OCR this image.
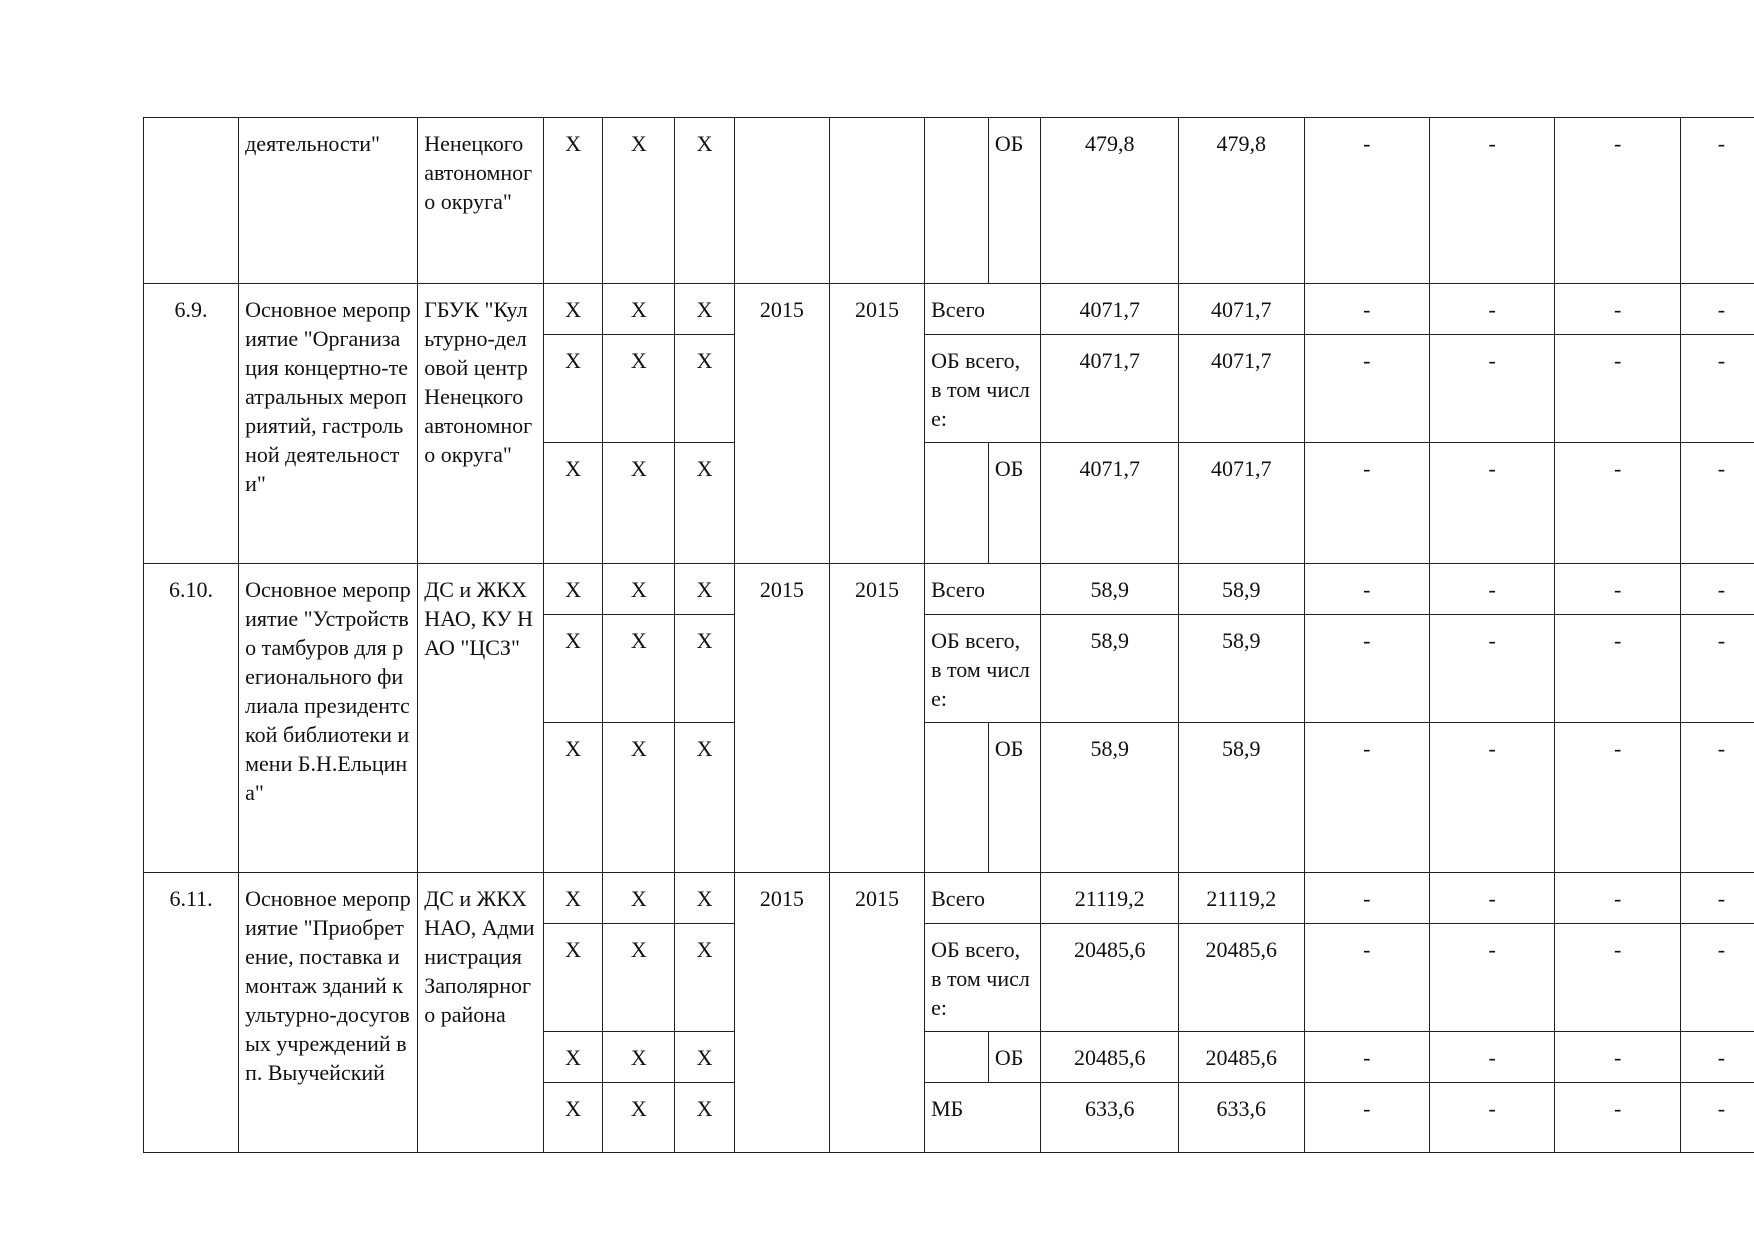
	деятельности"	Ненецкого автономного округа"	X	X	X				ОБ	479,8	479,8	-	-	-	-
6.9.	Основное мероприятие "Организация концертно-театральных мероприятий, гастрольной деятельности"	ГБУК "Культурно-деловой центр Ненецкого автономного округа"	X	X	X	2015	2015	Всего		4071,7	4071,7	-	-	-	-
			X	X	X			ОБ всего, в том числе:		4071,7	4071,7	-	-	-	-
			X	X	X				ОБ	4071,7	4071,7	-	-	-	-
6.10.	Основное мероприятие "Устройство тамбуров для регионального филиала президентской библиотеки имени Б.Н.Ельцина"	ДС и ЖКХ НАО, КУ НАО "ЦСЗ"	X	X	X	2015	2015	Всего		58,9	58,9	-	-	-	-
			X	X	X			ОБ всего, в том числе:		58,9	58,9	-	-	-	-
			X	X	X				ОБ	58,9	58,9	-	-	-	-
6.11.	Основное мероприятие "Приобретение, поставка и монтаж зданий культурно-досуговых учреждений в п. Выучейский	ДС и ЖКХ НАО, Администрация Заполярного района	X	X	X	2015	2015	Всего		21119,2	21119,2	-	-	-	-
			X	X	X			ОБ всего, в том числе:		20485,6	20485,6	-	-	-	-
			X	X	X				ОБ	20485,6	20485,6	-	-	-	-
			X	X	X			МБ		633,6	633,6	-	-	-	-
